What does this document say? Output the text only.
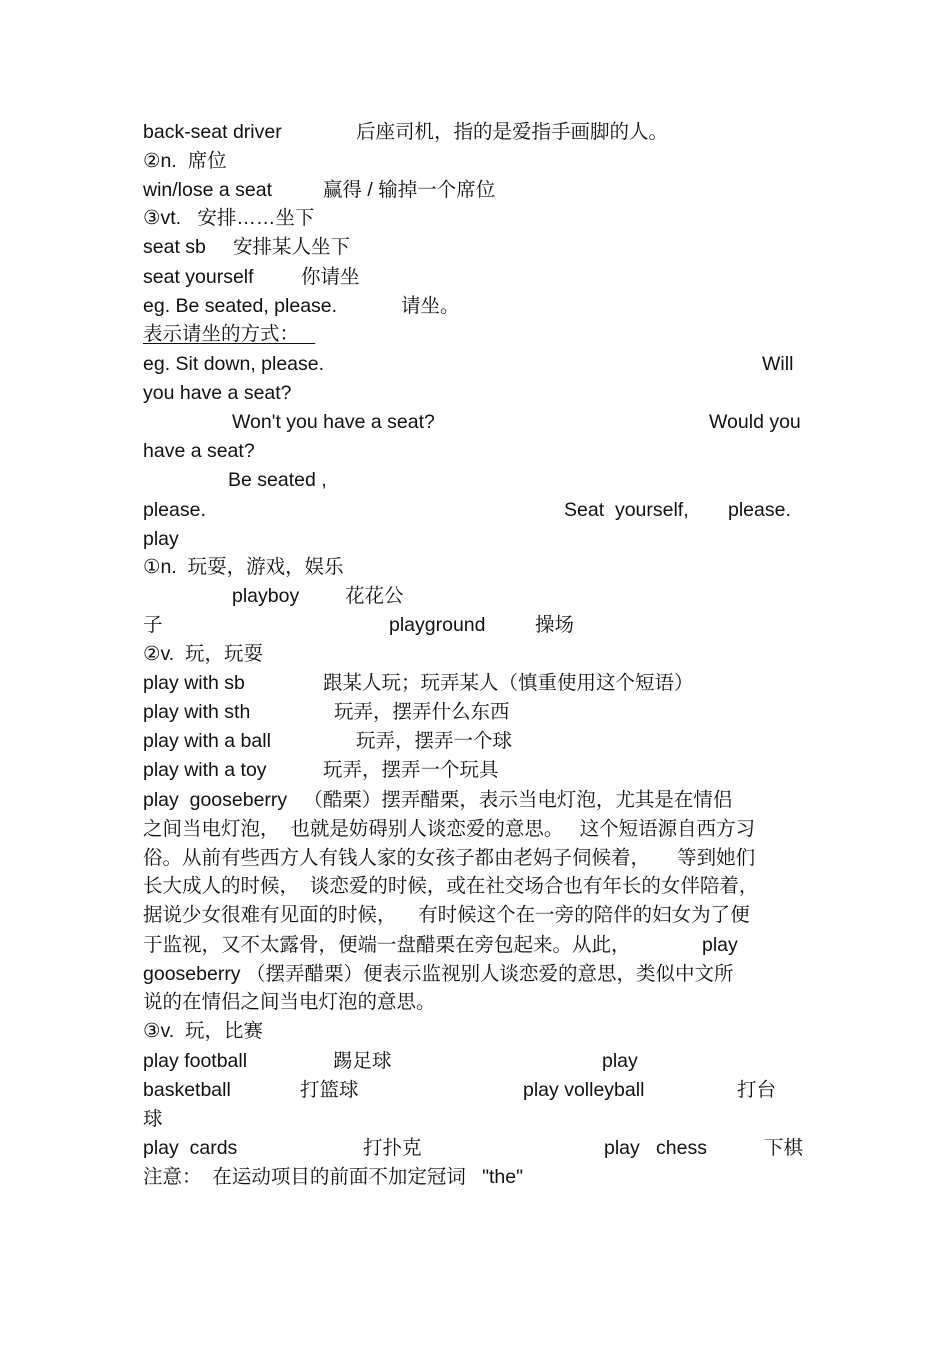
back-seat driver	后座司机，指的是爱指手画脚的人。
②n.  席位
win/lose a seat	赢得 / 输掉一个席位
③vt.   安排……坐下
seat sb 安排某人坐下
seat yourself 你请坐
eg. Be seated, please.	请坐。
表示请坐的方式：
eg. Sit down, please.	Will
you have a seat?
Won't you have a seat?	Would you
have a seat?
Be seated ,
please.	Seat  yourself, please.
play
①n.  玩耍，游戏，娱乐
playboy 花花公
子	playground	操场
②v.  玩，玩耍
play with sb	跟某人玩；玩弄某人（慎重使用这个短语）
play with sth	玩弄，摆弄什么东西
play with a ball	玩弄，摆弄一个球
play with a toy	玩弄，摆弄一个玩具
play  gooseberry   （酷栗）摆弄醋栗，表示当电灯泡，尤其是在情侣
之间当电灯泡，  也就是妨碍别人谈恋爱的意思。   这个短语源自西方习
俗。从前有些西方人有钱人家的女孩子都由老妈子伺候着，     等到她们
长大成人的时候，  谈恋爱的时候，或在社交场合也有年长的女伴陪着，
据说少女很难有见面的时候，    有时候这个在一旁的陪伴的妇女为了便
于监视，又不太露骨，便端一盘醋栗在旁包起来。从此，	play
gooseberry （摆弄醋栗）便表示监视别人谈恋爱的意思，类似中文所
说的在情侣之间当电灯泡的意思。
③v.  玩，比赛
play football	踢足球	play
basketball	打篮球	play volleyball	打台
球
play  cards	打扑克	play   chess	下棋
注意：  在运动项目的前面不加定冠词   "the"
